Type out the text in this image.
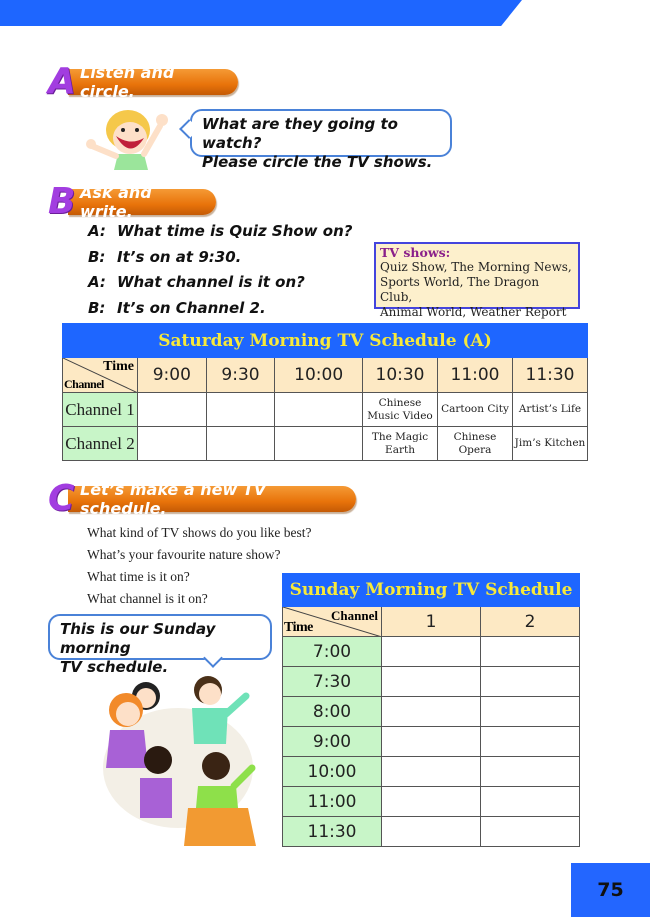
A Listen and circle.
What are they going to watch?
Please circle the TV shows.
B Ask and write.
A: What time is Quiz Show on?
B: It’s on at 9:30.
A: What channel is it on?
B: It’s on Channel 2.
TV shows:
Quiz Show, The Morning News,
Sports World, The Dragon Club,
Animal World, Weather Report
Saturday Morning TV Schedule (A)						

Time
Channel	9:00	9:30	10:00	10:30	11:00	11:30
Channel 1				Chinese Music Video	Cartoon City	Artist’s Life
Channel 2				The Magic Earth	Chinese Opera	Jim’s Kitchen
C Let’s make a new TV schedule.
What kind of TV shows do you like best?
What’s your favourite nature show?
What time is it on?
What channel is it on?
This is our Sunday morning
TV schedule.
Sunday Morning TV Schedule		

Channel
Time	1	2
7:00		
7:30		
8:00		
9:00		
10:00		
11:00		
11:30		
75
